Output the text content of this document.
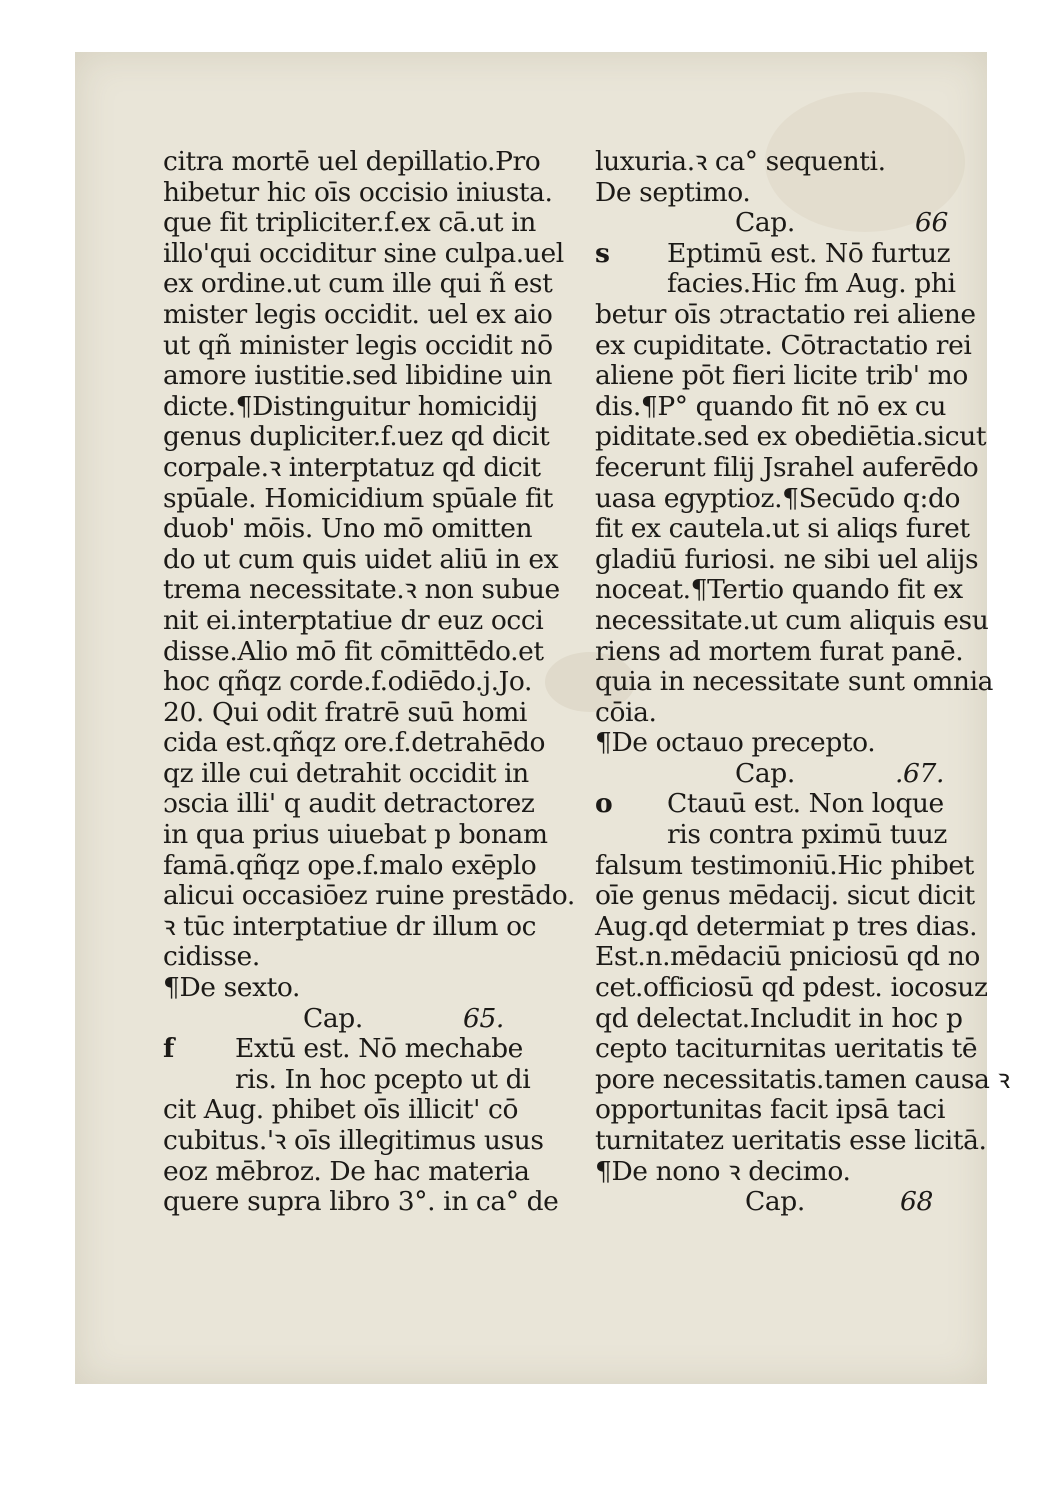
citra mortē uel depillatio.Pro
hibetur hic oīs occisio iniusta.
que fit tripliciter.f.ex cā.ut in
illo'qui occiditur sine culpa.uel
ex ordine.ut cum ille qui ñ est
mister legis occidit. uel ex aio
ut qñ minister legis occidit nō
amore iustitie.sed libidine uin
dicte.¶Distinguitur homicidij
genus dupliciter.f.uez qd dicit
corpale.ꝛ interptatuz qd dicit
spūale. Homicidium spūale fit
duob' mōis. Uno mō omitten
do ut cum quis uidet aliū in ex
trema necessitate.ꝛ non subue
nit ei.interptatiue dr euz occi
disse.Alio mō fit cōmittēdo.et
hoc qñqz corde.f.odiēdo.j.Jo.
20. Qui odit fratrē suū homi
cida est.qñqz ore.f.detrahēdo
qz ille cui detrahit occidit in
ɔscia illi' q audit detractorez
in qua prius uiuebat p bonam
famā.qñqz ope.f.malo exēplo
alicui occasiōez ruine prestādo.
ꝛ tūc interptatiue dr illum oc
cidisse.
¶De sexto.
Cap.	65.
f Extū est. Nō mechabe
ris. In hoc pcepto ut di
cit Aug. phibet oīs illicit' cō
cubitus.'ꝛ oīs illegitimus usus
eoz mēbroz. De hac materia
quere supra libro 3°. in ca° de
luxuria.ꝛ ca° sequenti.
De septimo.
Cap.	66
s Eptimū est. Nō furtuz
facies.Hic fm Aug. phi
betur oīs ɔtractatio rei aliene
ex cupiditate. Cōtractatio rei
aliene pōt fieri licite trib' mo
dis.¶P° quando fit nō ex cu
piditate.sed ex obediētia.sicut
fecerunt filij Jsrahel auferēdo
uasa egyptioz.¶Secūdo q:do
fit ex cautela.ut si aliqs furet
gladiū furiosi. ne sibi uel alijs
noceat.¶Tertio quando fit ex
necessitate.ut cum aliquis esu
riens ad mortem furat panē.
quia in necessitate sunt omnia
cōia.
¶De octauo precepto.
Cap.	.67.
o Ctauū est. Non loque
ris contra pximū tuuz
falsum testimoniū.Hic phibet
oīe genus mēdacij. sicut dicit
Aug.qd determiat p tres dias.
Est.n.mēdaciū pniciosū qd no
cet.officiosū qd pdest. iocosuz
qd delectat.Includit in hoc p
cepto taciturnitas ueritatis tē
pore necessitatis.tamen causa ꝛ
opportunitas facit ipsā taci
turnitatez ueritatis esse licitā.
¶De nono ꝛ decimo.
Cap.	68
